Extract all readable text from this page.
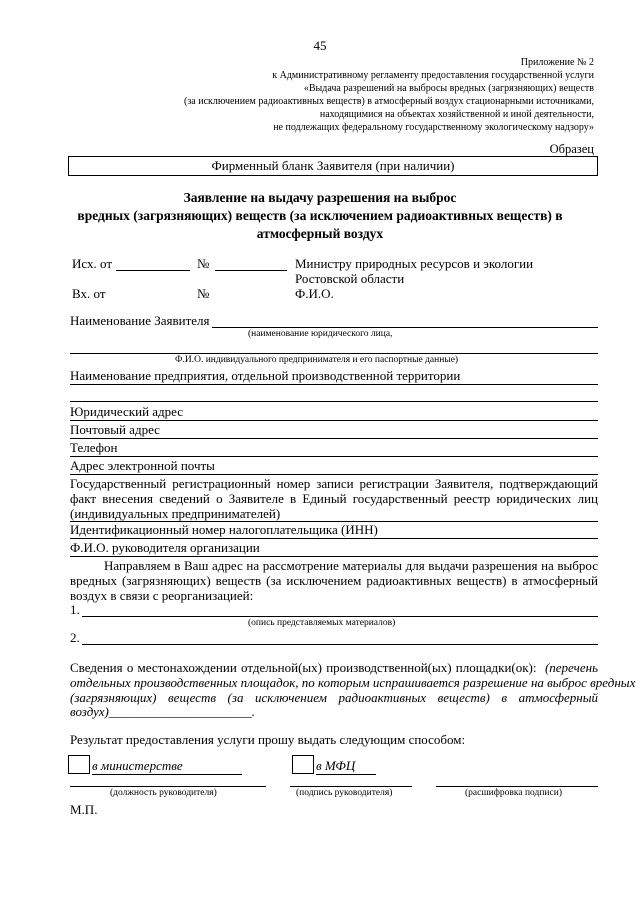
45
Приложение № 2
к Административному регламенту предоставления государственной услуги
«Выдача разрешений на выбросы вредных (загрязняющих) веществ
(за исключением радиоактивных веществ) в атмосферный воздух стационарными источниками,
находящимися на объектах хозяйственной и иной деятельности,
не подлежащих федеральному государственному экологическому надзору»
Образец
Фирменный бланк Заявителя (при наличии)
Заявление на выдачу разрешения на выброс
вредных (загрязняющих) веществ (за исключением радиоактивных веществ) в
атмосферный воздух
Исх. от	№	Министру природных ресурсов и экологии
Ростовской области
Вх. от	№	Ф.И.О.
Наименование Заявителя
(наименование юридического лица,
Ф.И.О. индивидуального предпринимателя и его паспортные данные)
Наименование предприятия, отдельной производственной территории
Юридический адрес
Почтовый адрес
Телефон
Адрес электронной почты
Государственный регистрационный номер записи регистрации Заявителя, подтверждающий
факт внесения сведений о Заявителе в Единый государственный реестр юридических лиц
(индивидуальных предпринимателей)
Идентификационный номер налогоплательщика (ИНН)
Ф.И.О. руководителя организации
Направляем в Ваш адрес на рассмотрение материалы для выдачи разрешения на выброс
вредных (загрязняющих) веществ (за исключением радиоактивных веществ) в атмосферный
воздух в связи с реорганизацией:
1.
(опись представляемых материалов)
2.
Сведения о местонахождении отдельной(ых) производственной(ых) площадки(ок): (перечень
отдельных производственных площадок, по которым испрашивается разрешение на выброс вредных
(загрязняющих) веществ (за исключением радиоактивных веществ) в атмосферный
воздух)______________________.
Результат предоставления услуги прошу выдать следующим способом:
в министерстве	в МФЦ
(должность руководителя)	(подпись руководителя)	(расшифровка подписи)
М.П.
